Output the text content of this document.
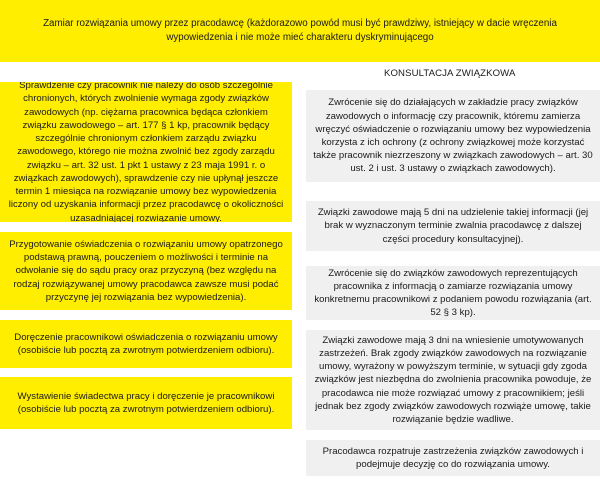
Zamiar rozwiązania umowy przez pracodawcę (każdorazowo powód musi być prawdziwy, istniejący w dacie wręczenia wypowiedzenia i nie może mieć charakteru dyskryminującego
Sprawdzenie czy pracownik nie należy do osób szczególnie chronionych, których zwolnienie wymaga zgody związków zawodowych (np. ciężarna pracownica będąca członkiem związku zawodowego – art. 177 § 1 kp, pracownik będący szczególnie chronionym członkiem zarządu związku zawodowego, którego nie można zwolnić bez zgody zarządu związku – art. 32 ust. 1 pkt 1 ustawy z 23 maja 1991 r. o związkach zawodowych), sprawdzenie czy nie upłynął jeszcze termin 1 miesiąca na rozwiązanie umowy bez wypowiedzenia liczony od uzyskania informacji przez pracodawcę o okoliczności uzasadniającej rozwiązanie umowy.
Przygotowanie oświadczenia o rozwiązaniu umowy opatrzonego podstawą prawną, pouczeniem o możliwości i terminie na odwołanie się do sądu pracy oraz przyczyną (bez względu na rodzaj rozwiązywanej umowy pracodawca zawsze musi podać przyczynę jej rozwiązania bez wypowiedzenia).
Doręczenie pracownikowi oświadczenia o rozwiązaniu umowy (osobiście lub pocztą za zwrotnym potwierdzeniem odbioru).
Wystawienie świadectwa pracy i doręczenie je pracownikowi (osobiście lub pocztą za zwrotnym potwierdzeniem odbioru).
KONSULTACJA ZWIĄZKOWA
Zwrócenie się do działających w zakładzie pracy związków zawodowych o informację czy pracownik, któremu zamierza wręczyć oświadczenie o rozwiązaniu umowy bez wypowiedzenia korzysta z ich ochrony (z ochrony związkowej może korzystać także pracownik niezrzeszony w związkach zawodowych – art. 30 ust. 2 i ust. 3 ustawy o związkach zawodowych).
Związki zawodowe mają 5 dni na udzielenie takiej informacji (jej brak w wyznaczonym terminie zwalnia pracodawcę z dalszej części procedury konsultacyjnej).
Zwrócenie się do związków zawodowych reprezentujących pracownika z informacją o zamiarze rozwiązania umowy konkretnemu pracownikowi z podaniem powodu rozwiązania (art. 52 § 3 kp).
Związki zawodowe mają 3 dni na wniesienie umotywowanych zastrzeżeń. Brak zgody związków zawodowych na rozwiązanie umowy, wyrażony w powyższym terminie, w sytuacji gdy zgoda związków jest niezbędna do zwolnienia pracownika powoduje, że pracodawca nie może rozwiązać umowy z pracownikiem; jeśli jednak bez zgody związków zawodowych rozwiąże umowę, takie rozwiązanie będzie wadliwe.
Pracodawca rozpatruje zastrzeżenia związków zawodowych i podejmuje decyzję co do rozwiązania umowy.
